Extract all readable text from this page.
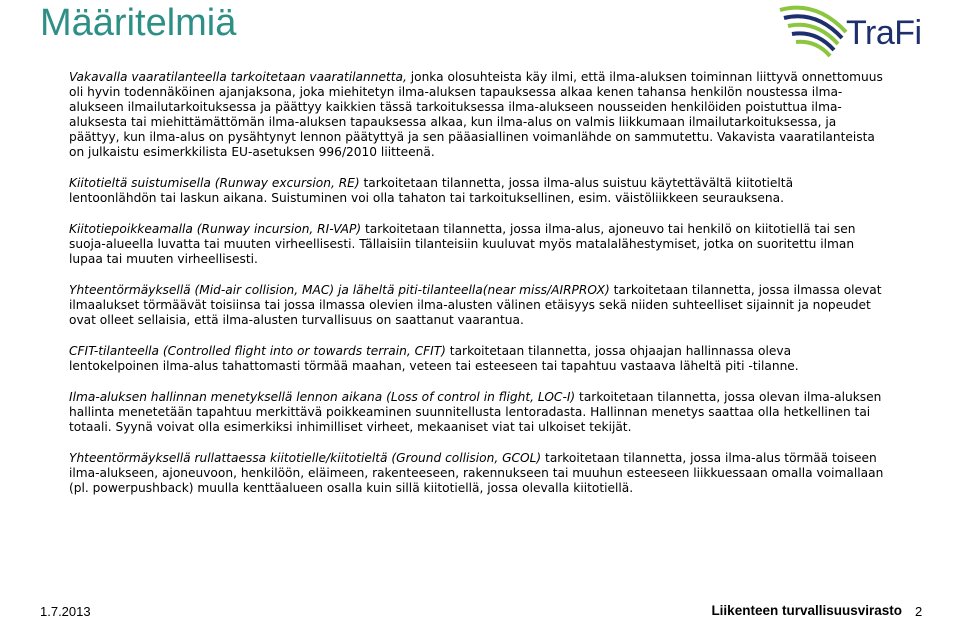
Määritelmiä	TraFi

Vakavalla vaaratilanteella tarkoitetaan vaaratilannetta, jonka olosuhteista käy ilmi, että ilma-aluksen toiminnan liittyvä onnettomuus oli hyvin todennäköinen ajanjaksona, joka miehitetyn ilma-aluksen tapauksessa alkaa kenen tahansa henkilön noustessa ilma-alukseen ilmailutarkoituksessa ja päättyy kaikkien tässä tarkoituksessa ilma-alukseen nousseiden henkilöiden poistuttua ilma-aluksesta tai miehittämättömän ilma-aluksen tapauksessa alkaa, kun ilma-alus on valmis liikkumaan ilmailutarkoituksessa, ja päättyy, kun ilma-alus on pysähtynyt lennon päätyttyä ja sen pääasiallinen voimanlähde on sammutettu. Vakavista vaaratilanteista on julkaistu esimerkkilista EU-asetuksen 996/2010 liitteenä.

Kiitotieltä suistumisella (Runway excursion, RE) tarkoitetaan tilannetta, jossa ilma-alus suistuu käytettävältä kiitotieltä lentoonlähdön tai laskun aikana. Suistuminen voi olla tahaton tai tarkoituksellinen, esim. väistöliikkeen seurauksena.

Kiitotiepoikkeamalla (Runway incursion, RI-VAP) tarkoitetaan tilannetta, jossa ilma-alus, ajoneuvo tai henkilö on kiitotiellä tai sen suoja-alueella luvatta tai muuten virheellisesti. Tällaisiin tilanteisiin kuuluvat myös matalalähestymiset, jotka on suoritettu ilman lupaa tai muuten virheellisesti.

Yhteentörmäyksellä (Mid-air collision, MAC) ja läheltä piti-tilanteella(near miss/AIRPROX) tarkoitetaan tilannetta, jossa ilmassa olevat ilmaalukset törmäävät toisiinsa tai jossa ilmassa olevien ilma-alusten välinen etäisyys sekä niiden suhteelliset sijainnit ja nopeudet ovat olleet sellaisia, että ilma-alusten turvallisuus on saattanut vaarantua.

CFIT-tilanteella (Controlled flight into or towards terrain, CFIT) tarkoitetaan tilannetta, jossa ohjaajan hallinnassa oleva lentokelpoinen ilma-alus tahattomasti törmää maahan, veteen tai esteeseen tai tapahtuu vastaava läheltä piti -tilanne.

Ilma-aluksen hallinnan menetyksellä lennon aikana (Loss of control in flight, LOC-I) tarkoitetaan tilannetta, jossa olevan ilma-aluksen hallinta menetetään tapahtuu merkittävä poikkeaminen suunnitellusta lentoradasta. Hallinnan menetys saattaa olla hetkellinen tai totaali. Syynä voivat olla esimerkiksi inhimilliset virheet, mekaaniset viat tai ulkoiset tekijät.

Yhteentörmäyksellä rullattaessa kiitotiellе/kiitotieltä (Ground collision, GCOL) tarkoitetaan tilannetta, jossa ilma-alus törmää toiseen ilma-alukseen, ajoneuvoon, henkilöön, eläimeen, rakenteeseen, rakennukseen tai muuhun esteeseen liikkuessaan omalla voimallaan (pl. powerpushback) muulla kenttäalueen osalla kuin sillä kiitotiellä, jossa olevalla kiitotiellä.

1.7.2013	Liikenteen turvallisuusvirasto 2
